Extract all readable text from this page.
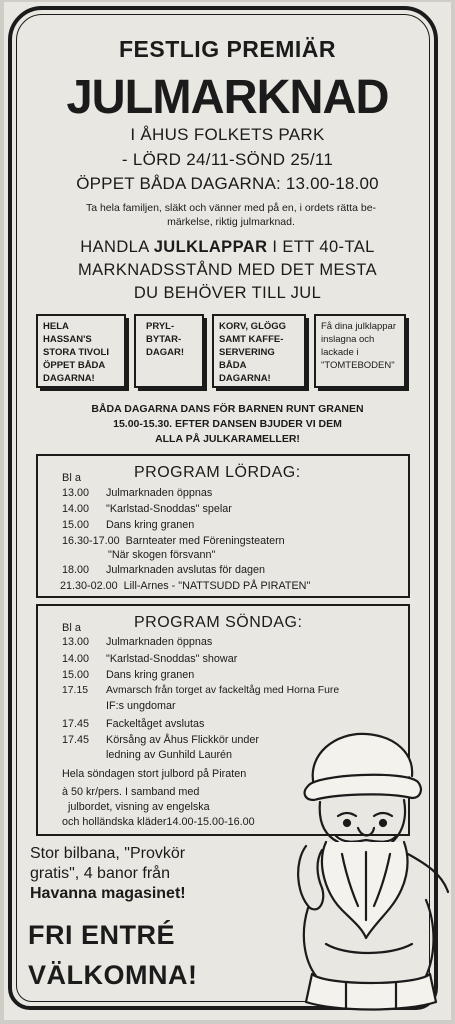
FESTLIG PREMIÄR
JULMARKNAD
I ÅHUS FOLKETS PARK
- LÖRD 24/11-SÖND 25/11
ÖPPET BÅDA DAGARNA: 13.00-18.00
Ta hela familjen, släkt och vänner med på en, i ordets rätta be-
märkelse, riktig julmarknad.
HANDLA JULKLAPPAR I ETT 40-TAL
MARKNADSSTÅND MED DET MESTA
DU BEHÖVER TILL JUL
HELA HASSAN'S
STORA TIVOLI
ÖPPET BÅDA
DAGARNA!
PRYL-
BYTAR-
DAGAR!
KORV, GLÖGG
SAMT KAFFE-
SERVERING
BÅDA DAGARNA!
Få dina julklappar
inslagna och
lackade i
"TOMTEBODEN"
BÅDA DAGARNA DANS FÖR BARNEN RUNT GRANEN
15.00-15.30. EFTER DANSEN BJUDER VI DEM
ALLA PÅ JULKARAMELLER!
Bl a	PROGRAM LÖRDAG:
13.00 Julmarknaden öppnas
14.00 "Karlstad-Snoddas" spelar
15.00 Dans kring granen
16.30-17.00 Barnteater med Föreningsteatern
"När skogen försvann"
18.00 Julmarknaden avslutas för dagen
21.30-02.00 Lill-Arnes - "NATTSUDD PÅ PIRATEN"
Bl a	PROGRAM SÖNDAG:
13.00 Julmarknaden öppnas
14.00 "Karlstad-Snoddas" showar
15.00 Dans kring granen
17.15 Avmarsch från torget av fackeltåg med Horna Fure
IF:s ungdomar
17.45 Fackeltåget avslutas
17.45 Körsång av Åhus Flickkör under
ledning av Gunhild Laurén
Hela söndagen stort julbord på Piraten
à 50 kr/pers. I samband med
julbordet, visning av engelska
och holländska kläder14.00-15.00-16.00
Stor bilbana, "Provkör
gratis", 4 banor från
Havanna magasinet!
FRI ENTRÉ
VÄLKOMNA!
